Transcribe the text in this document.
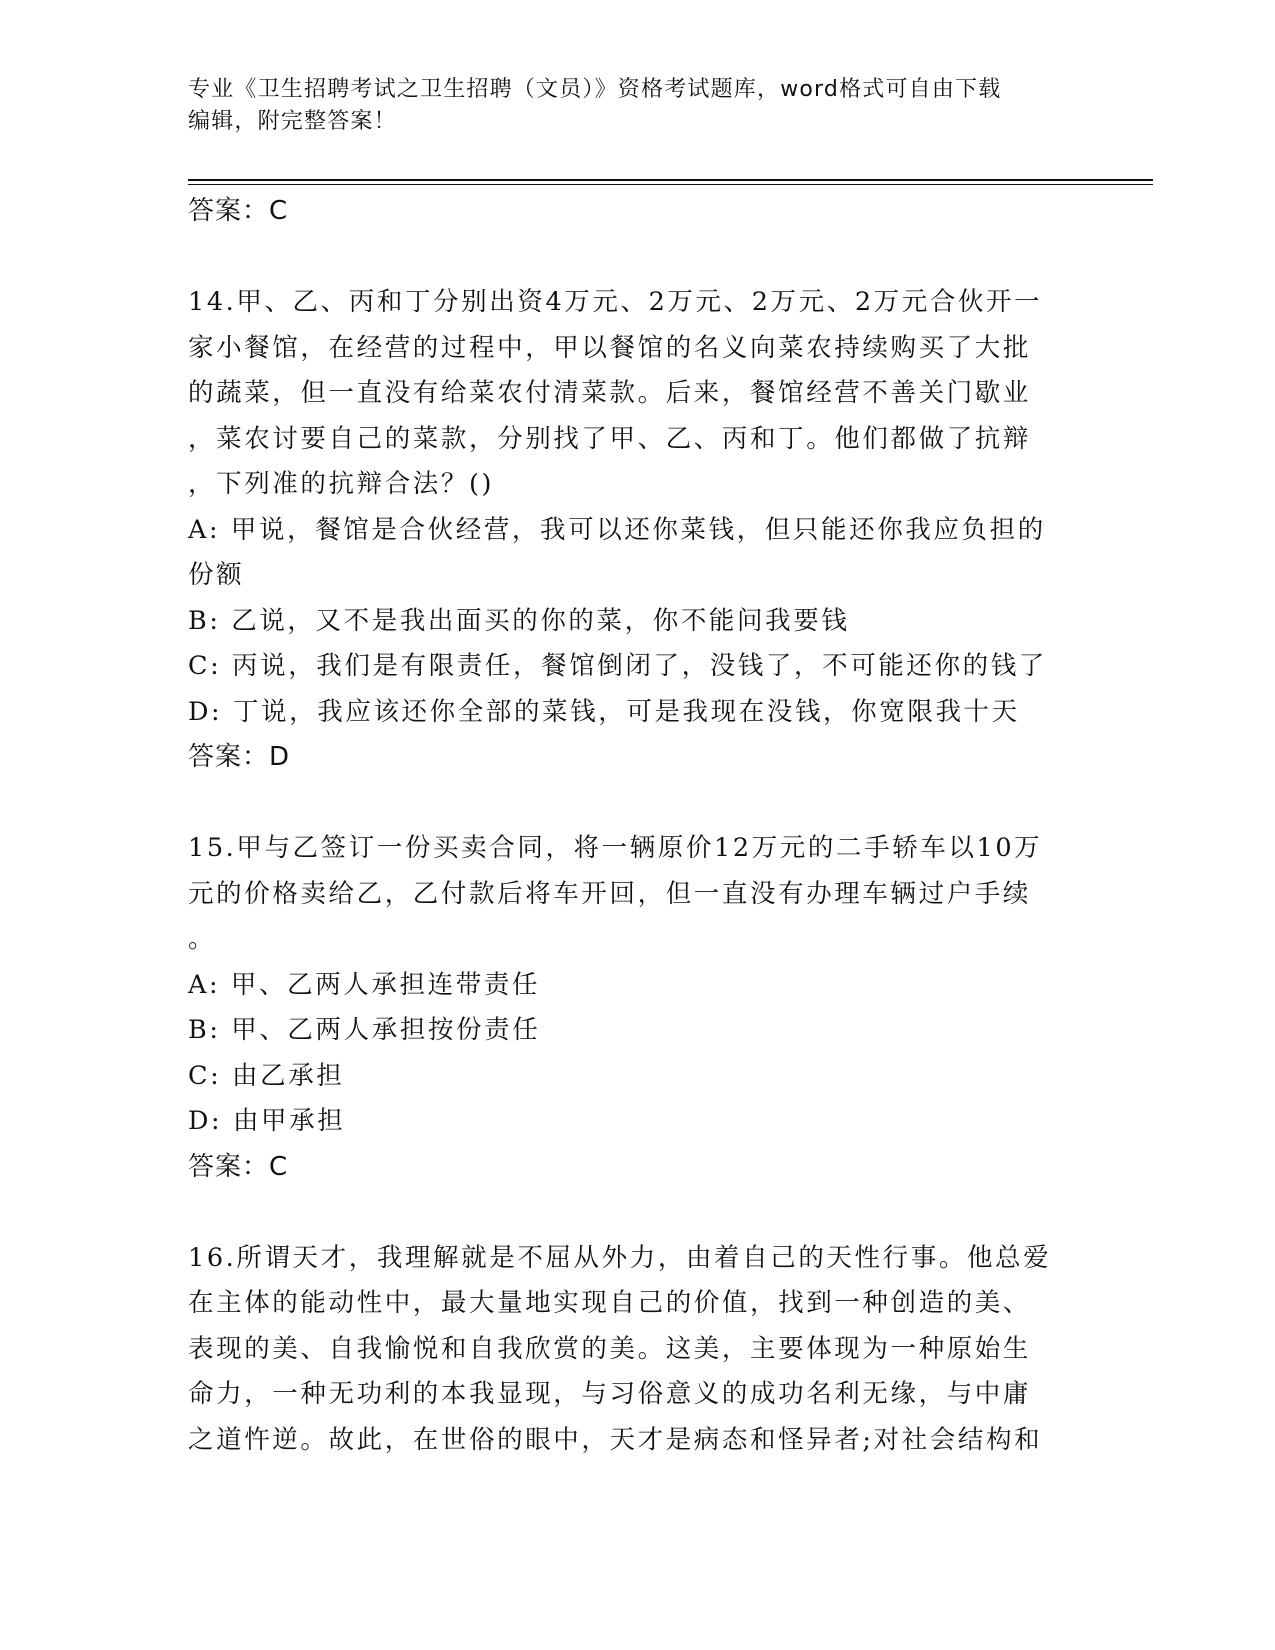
专业《卫生招聘考试之卫生招聘（文员）》资格考试题库，word格式可自由下载
编辑，附完整答案！
答案：C
14.甲、乙、丙和丁分别出资4万元、2万元、2万元、2万元合伙开一
家小餐馆，在经营的过程中，甲以餐馆的名义向菜农持续购买了大批
的蔬菜，但一直没有给菜农付清菜款。后来，餐馆经营不善关门歇业
，菜农讨要自己的菜款，分别找了甲、乙、丙和丁。他们都做了抗辩
，下列准的抗辩合法？()
A: 甲说，餐馆是合伙经营，我可以还你菜钱，但只能还你我应负担的
份额
B: 乙说，又不是我出面买的你的菜，你不能问我要钱
C: 丙说，我们是有限责任，餐馆倒闭了，没钱了，不可能还你的钱了
D: 丁说，我应该还你全部的菜钱，可是我现在没钱，你宽限我十天
答案：D
15.甲与乙签订一份买卖合同，将一辆原价12万元的二手轿车以10万
元的价格卖给乙，乙付款后将车开回，但一直没有办理车辆过户手续
。
A: 甲、乙两人承担连带责任
B: 甲、乙两人承担按份责任
C: 由乙承担
D: 由甲承担
答案：C
16.所谓天才，我理解就是不屈从外力，由着自己的天性行事。他总爱
在主体的能动性中，最大量地实现自己的价值，找到一种创造的美、
表现的美、自我愉悦和自我欣赏的美。这美，主要体现为一种原始生
命力，一种无功利的本我显现，与习俗意义的成功名利无缘，与中庸
之道忤逆。故此，在世俗的眼中，天才是病态和怪异者;对社会结构和
